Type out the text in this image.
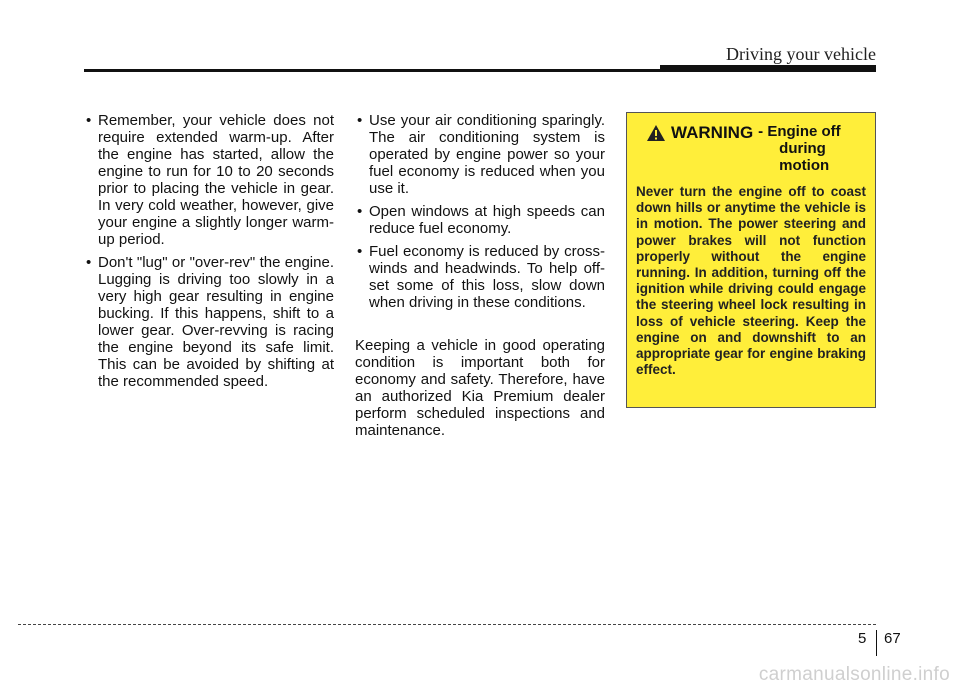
Driving your vehicle
• Remember, your vehicle does not require extended warm-up. After the engine has started, allow the engine to run for 10 to 20 seconds prior to placing the vehicle in gear. In very cold weather, however, give your engine a slightly longer warm-up period.
• Don't "lug" or "over-rev" the engine. Lugging is driving too slowly in a very high gear resulting in engine bucking. If this happens, shift to a lower gear. Over-revving is racing the engine beyond its safe limit. This can be avoided by shifting at the recommended speed.
• Use your air conditioning sparingly. The air conditioning system is operated by engine power so your fuel economy is reduced when you use it.
• Open windows at high speeds can reduce fuel economy.
• Fuel economy is reduced by cross-winds and headwinds. To help off-set some of this loss, slow down when driving in these conditions.

Keeping a vehicle in good operating condition is important both for economy and safety. Therefore, have an authorized Kia Premium dealer perform scheduled inspections and maintenance.

WARNING - Engine off
during
motion
Never turn the engine off to coast down hills or anytime the vehicle is in motion. The power steering and power brakes will not function properly without the engine running. In addition, turning off the ignition while driving could engage the steering wheel lock resulting in loss of vehicle steering. Keep the engine on and downshift to an appropriate gear for engine braking effect.
5 67
carmanualsonline.info
